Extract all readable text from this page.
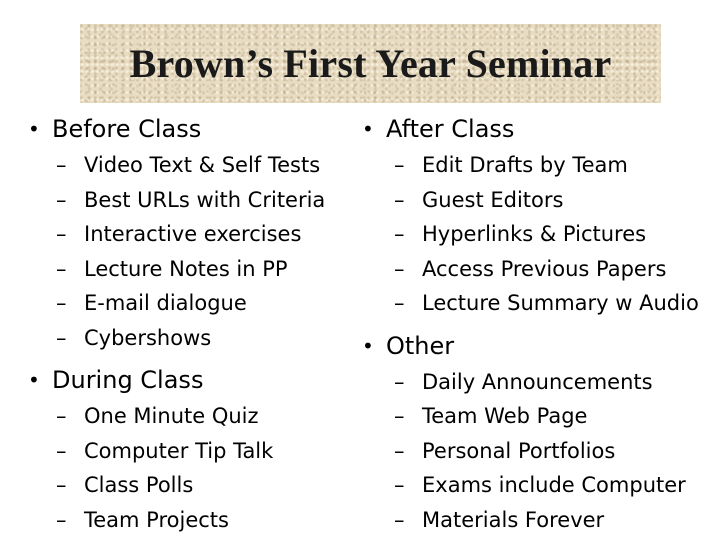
Brown’s First Year Seminar
• Before Class
– Video Text & Self Tests
– Best URLs with Criteria
– Interactive exercises
– Lecture Notes in PP
– E-mail dialogue
– Cybershows
• During Class
– One Minute Quiz
– Computer Tip Talk
– Class Polls
– Team Projects
• After Class
– Edit Drafts by Team
– Guest Editors
– Hyperlinks & Pictures
– Access Previous Papers
– Lecture Summary w Audio
• Other
– Daily Announcements
– Team Web Page
– Personal Portfolios
– Exams include Computer
– Materials Forever
